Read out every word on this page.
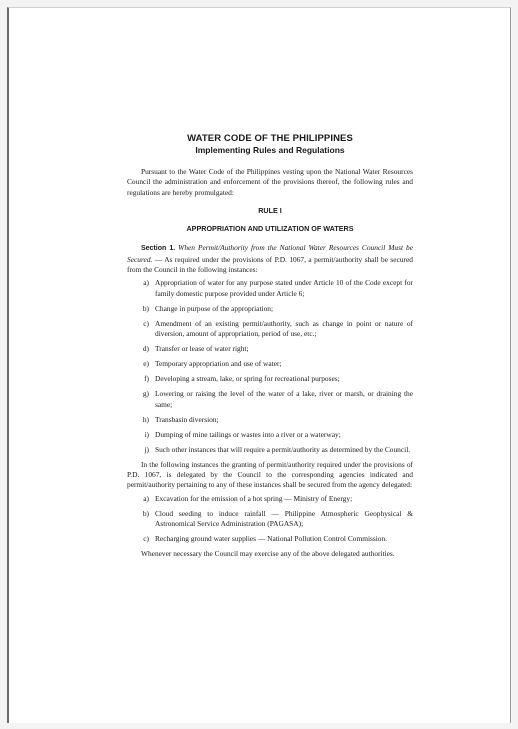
WATER CODE OF THE PHILIPPINES
Implementing Rules and Regulations

Pursuant to the Water Code of the Philippines vesting upon the National Water Resources Council the administration and enforcement of the provisions thereof, the following rules and regulations are hereby promulgated:

RULE I
APPROPRIATION AND UTILIZATION OF WATERS

Section 1. When Permit/Authority from the National Water Resources Council Must be Secured. — As required under the provisions of P.D. 1067, a permit/authority shall be secured from the Council in the following instances:

a) Appropriation of water for any purpose stated under Article 10 of the Code except for family domestic purpose provided under Article 6;
b) Change in purpose of the appropriation;
c) Amendment of an existing permit/authority, such as change in point or nature of diversion, amount of appropriation, period of use, etc.;
d) Transfer or lease of water right;
e) Temporary appropriation and use of water;
f) Developing a stream, lake, or spring for recreational purposes;
g) Lowering or raising the level of the water of a lake, river or marsh, or draining the same;
h) Transbasin diversion;
i) Dumping of mine tailings or wastes into a river or a waterway;
j) Such other instances that will require a permit/authority as determined by the Council.

In the following instances the granting of permit/authority required under the provisions of P.D. 1067, is delegated by the Council to the corresponding agencies indicated and permit/authority pertaining to any of these instances shall be secured from the agency delegated:

a) Excavation for the emission of a hot spring — Ministry of Energy;
b) Cloud seeding to induce rainfall — Philippine Atmospheric Geophysical & Astronomical Service Administration (PAGASA);
c) Recharging ground water supplies — National Pollution Control Commission.

Whenever necessary the Council may exercise any of the above delegated authorities.
